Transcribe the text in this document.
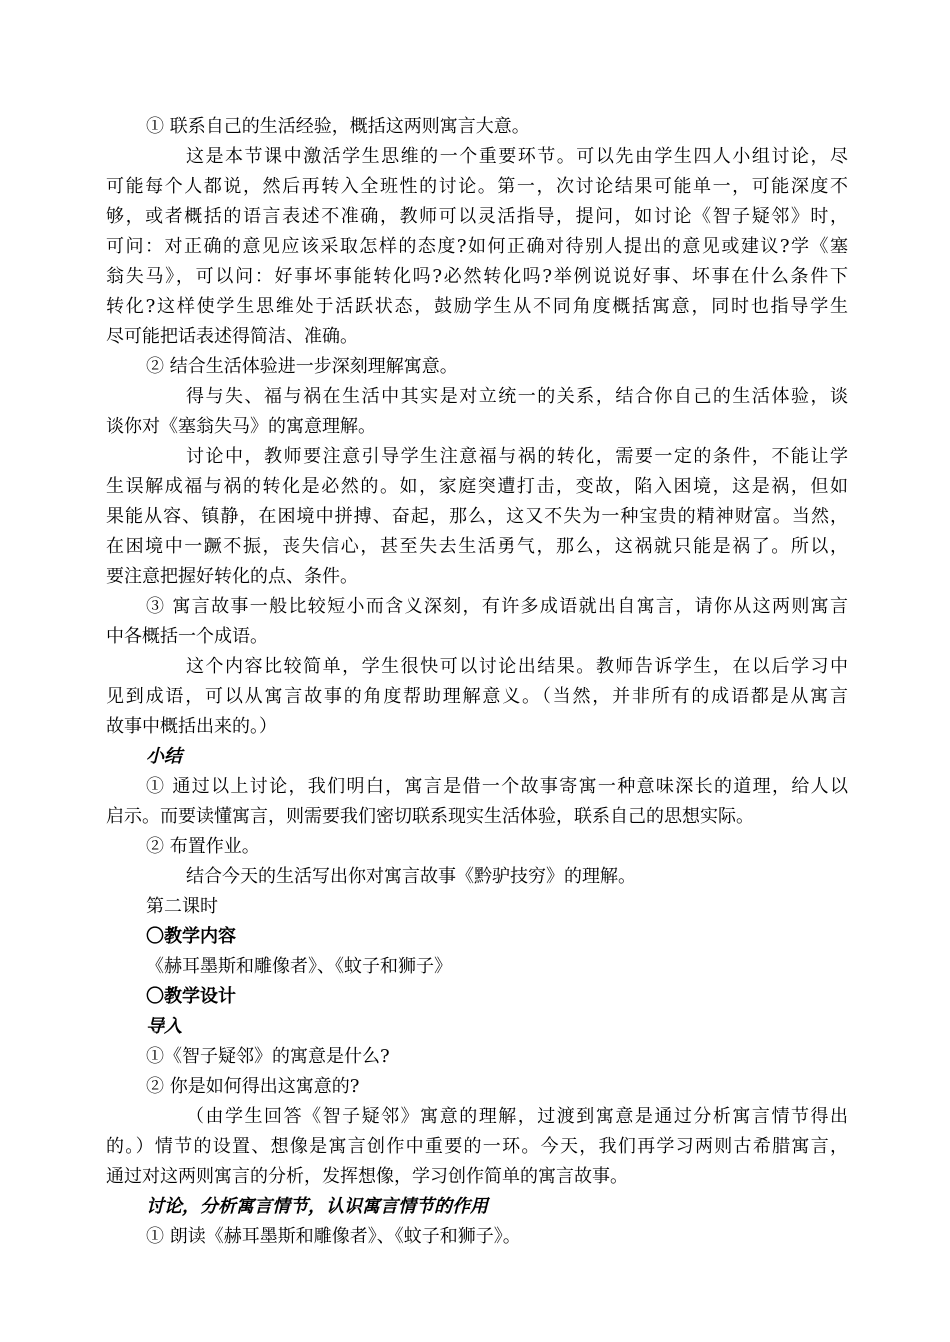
① 联系自己的生活经验，概括这两则寓言大意。
这是本节课中激活学生思维的一个重要环节。可以先由学生四人小组讨论，尽
可能每个人都说，然后再转入全班性的讨论。第一，次讨论结果可能单一，可能深度不
够，或者概括的语言表述不准确，教师可以灵活指导，提问，如讨论《智子疑邻》时，
可问：对正确的意见应该采取怎样的态度?如何正确对待别人提出的意见或建议?学《塞
翁失马》，可以问：好事坏事能转化吗?必然转化吗?举例说说好事、坏事在什么条件下
转化?这样使学生思维处于活跃状态，鼓励学生从不同角度概括寓意，同时也指导学生
尽可能把话表述得简洁、准确。
② 结合生活体验进一步深刻理解寓意。
得与失、福与祸在生活中其实是对立统一的关系，结合你自己的生活体验，谈
谈你对《塞翁失马》的寓意理解。
讨论中，教师要注意引导学生注意福与祸的转化，需要一定的条件，不能让学
生误解成福与祸的转化是必然的。如，家庭突遭打击，变故，陷入困境，这是祸，但如
果能从容、镇静，在困境中拼搏、奋起，那么，这又不失为一种宝贵的精神财富。当然，
在困境中一蹶不振，丧失信心，甚至失去生活勇气，那么，这祸就只能是祸了。所以，
要注意把握好转化的点、条件。
③ 寓言故事一般比较短小而含义深刻，有许多成语就出自寓言，请你从这两则寓言
中各概括一个成语。
这个内容比较简单，学生很快可以讨论出结果。教师告诉学生，在以后学习中
见到成语，可以从寓言故事的角度帮助理解意义。（当然，并非所有的成语都是从寓言
故事中概括出来的。）
小结
① 通过以上讨论，我们明白，寓言是借一个故事寄寓一种意味深长的道理，给人以
启示。而要读懂寓言，则需要我们密切联系现实生活体验，联系自己的思想实际。
② 布置作业。
结合今天的生活写出你对寓言故事《黔驴技穷》的理解。
第二课时
〇教学内容
《赫耳墨斯和雕像者》、《蚊子和狮子》
〇教学设计
导入
①《智子疑邻》的寓意是什么?
② 你是如何得出这寓意的?
（由学生回答《智子疑邻》寓意的理解，过渡到寓意是通过分析寓言情节得出
的。）情节的设置、想像是寓言创作中重要的一环。今天，我们再学习两则古希腊寓言，
通过对这两则寓言的分析，发挥想像，学习创作简单的寓言故事。
讨论，分析寓言情节，认识寓言情节的作用
① 朗读《赫耳墨斯和雕像者》、《蚊子和狮子》。
